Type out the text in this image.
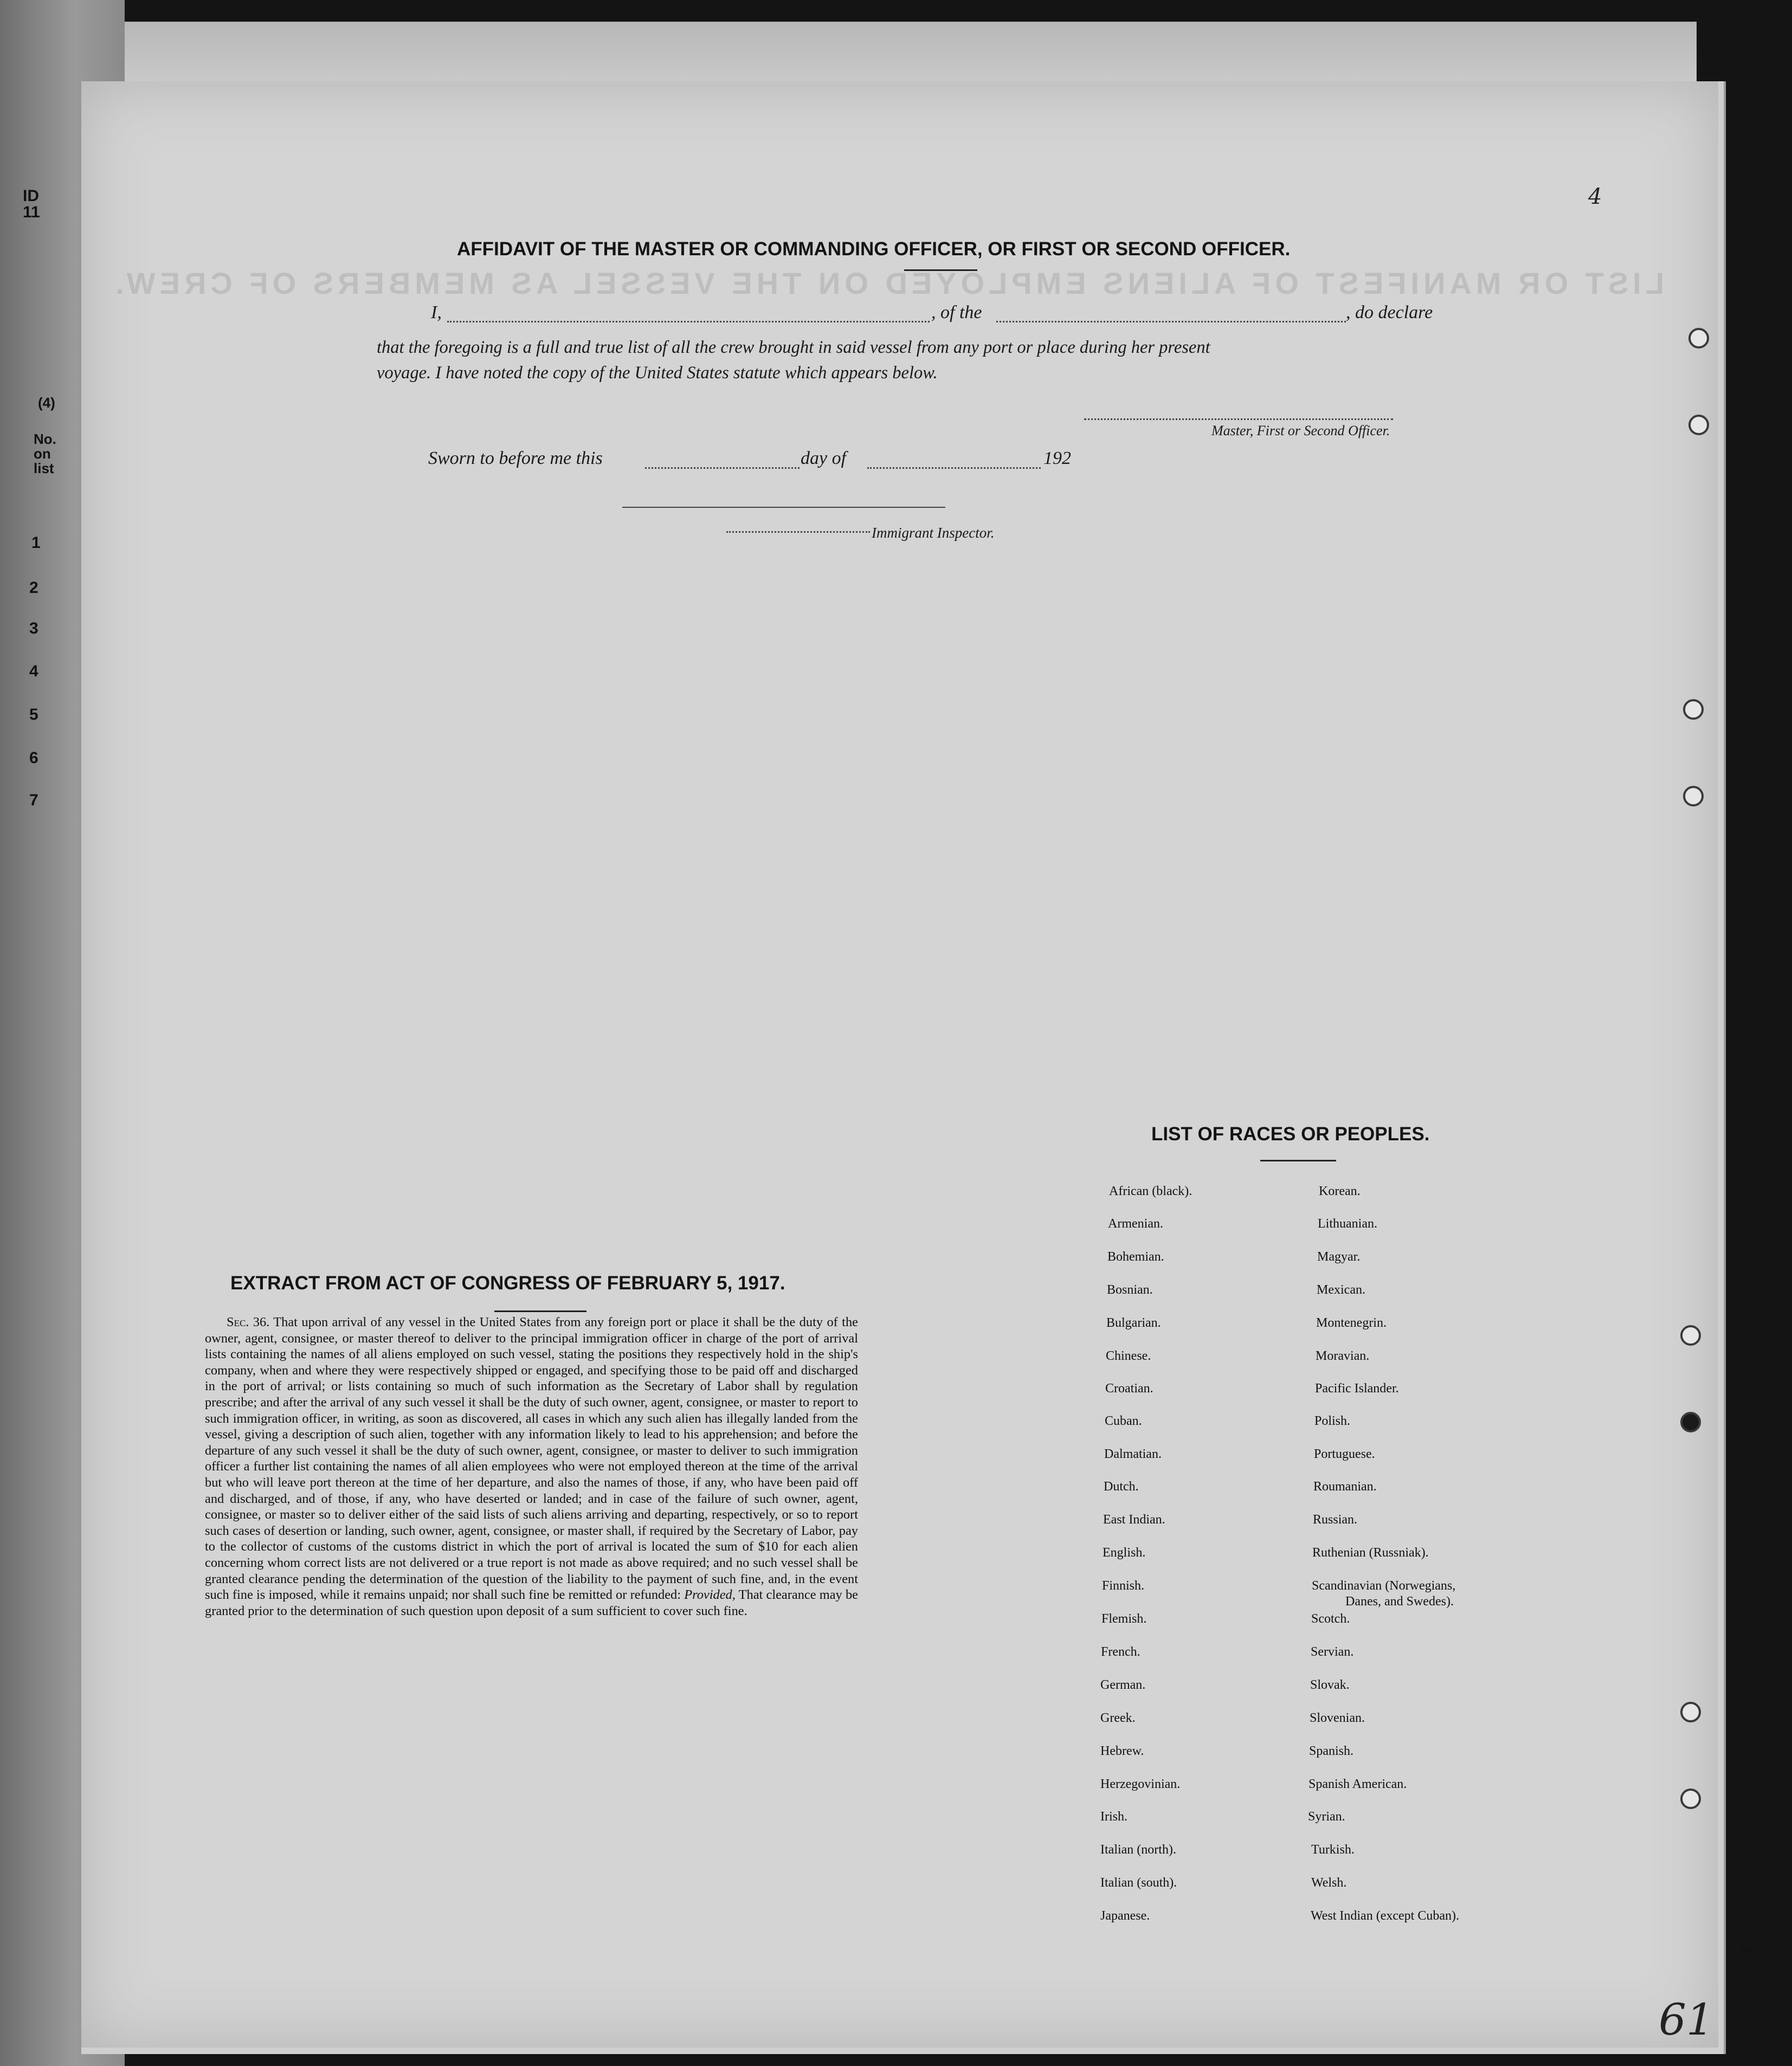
ID
11
(4)
No.
on
list
1
2
3
4
5
6
7
LIST OR MANIFEST OF ALIENS EMPLOYED ON THE VESSEL AS MEMBERS OF CREW.
4
61
nd
AFFIDAVIT OF THE MASTER OR COMMANDING OFFICER, OR FIRST OR SECOND OFFICER.
I,	, of the	, do declare
that the foregoing is a full and true list of all the crew brought in said vessel from any port or place during her present
voyage. I have noted the copy of the United States statute which appears below.
Master, First or Second Officer.
Sworn to before me this	day of	192
Immigrant Inspector.
EXTRACT FROM ACT OF CONGRESS OF FEBRUARY 5, 1917.
Sec. 36. That upon arrival of any vessel in the United States from any foreign port or place it shall be the duty of the owner, agent, consignee, or master thereof to deliver to the principal immigration officer in charge of the port of arrival lists containing the names of all aliens employed on such vessel, stating the positions they respectively hold in the ship's company, when and where they were respectively shipped or engaged, and specifying those to be paid off and discharged in the port of arrival; or lists containing so much of such information as the Secretary of Labor shall by regulation prescribe; and after the arrival of any such vessel it shall be the duty of such owner, agent, consignee, or master to report to such immigration officer, in writing, as soon as discovered, all cases in which any such alien has illegally landed from the vessel, giving a description of such alien, together with any information likely to lead to his apprehension; and before the departure of any such vessel it shall be the duty of such owner, agent, consignee, or master to deliver to such immigration officer a further list containing the names of all alien employees who were not employed thereon at the time of the arrival but who will leave port thereon at the time of her departure, and also the names of those, if any, who have been paid off and discharged, and of those, if any, who have deserted or landed; and in case of the failure of such owner, agent, consignee, or master so to deliver either of the said lists of such aliens arriving and departing, respectively, or so to report such cases of desertion or landing, such owner, agent, consignee, or master shall, if required by the Secretary of Labor, pay to the collector of customs of the customs district in which the port of arrival is located the sum of $10 for each alien concerning whom correct lists are not delivered or a true report is not made as above required; and no such vessel shall be granted clearance pending the determination of the question of the liability to the payment of such fine, and, in the event such fine is imposed, while it remains unpaid; nor shall such fine be remitted or refunded: Provided, That clearance may be granted prior to the determination of such question upon deposit of a sum sufficient to cover such fine.
LIST OF RACES OR PEOPLES.
African (black).
Armenian.
Bohemian.
Bosnian.
Bulgarian.
Chinese.
Croatian.
Cuban.
Dalmatian.
Dutch.
East Indian.
English.
Finnish.
Flemish.
French.
German.
Greek.
Hebrew.
Herzegovinian.
Irish.
Italian (north).
Italian (south).
Japanese.
Korean.
Lithuanian.
Magyar.
Mexican.
Montenegrin.
Moravian.
Pacific Islander.
Polish.
Portuguese.
Roumanian.
Russian.
Ruthenian (Russniak).
Scandinavian (Norwegians,
Danes, and Swedes).
Scotch.
Servian.
Slovak.
Slovenian.
Spanish.
Spanish American.
Syrian.
Turkish.
Welsh.
West Indian (except Cuban).
